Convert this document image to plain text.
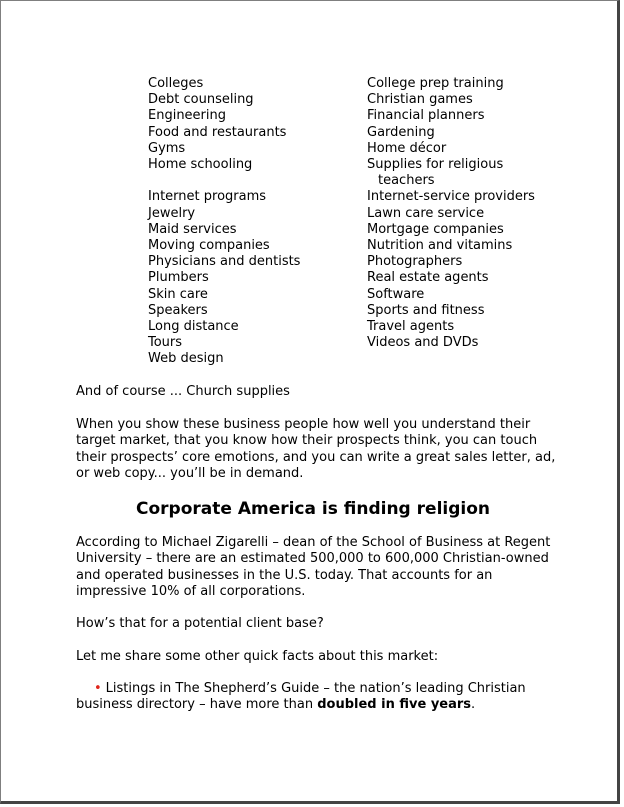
Colleges
Debt counseling
Engineering
Food and restaurants
Gyms
Home schooling

Internet programs
Jewelry
Maid services
Moving companies
Physicians and dentists
Plumbers
Skin care
Speakers
Long distance
Tours
Web design
College prep training
Christian games
Financial planners
Gardening
Home décor
Supplies for religious
teachers
Internet-service providers
Lawn care service
Mortgage companies
Nutrition and vitamins
Photographers
Real estate agents
Software
Sports and fitness
Travel agents
Videos and DVDs

And of course ... Church supplies

When you show these business people how well you understand their target market, that you know how their prospects think, you can touch their prospects’ core emotions, and you can write a great sales letter, ad, or web copy... you’ll be in demand.

Corporate America is finding religion

According to Michael Zigarelli – dean of the School of Business at Regent University – there are an estimated 500,000 to 600,000 Christian-owned and operated businesses in the U.S. today. That accounts for an impressive 10% of all corporations.

How’s that for a potential client base?

Let me share some other quick facts about this market:

• Listings in The Shepherd’s Guide – the nation’s leading Christian business directory – have more than doubled in five years.
